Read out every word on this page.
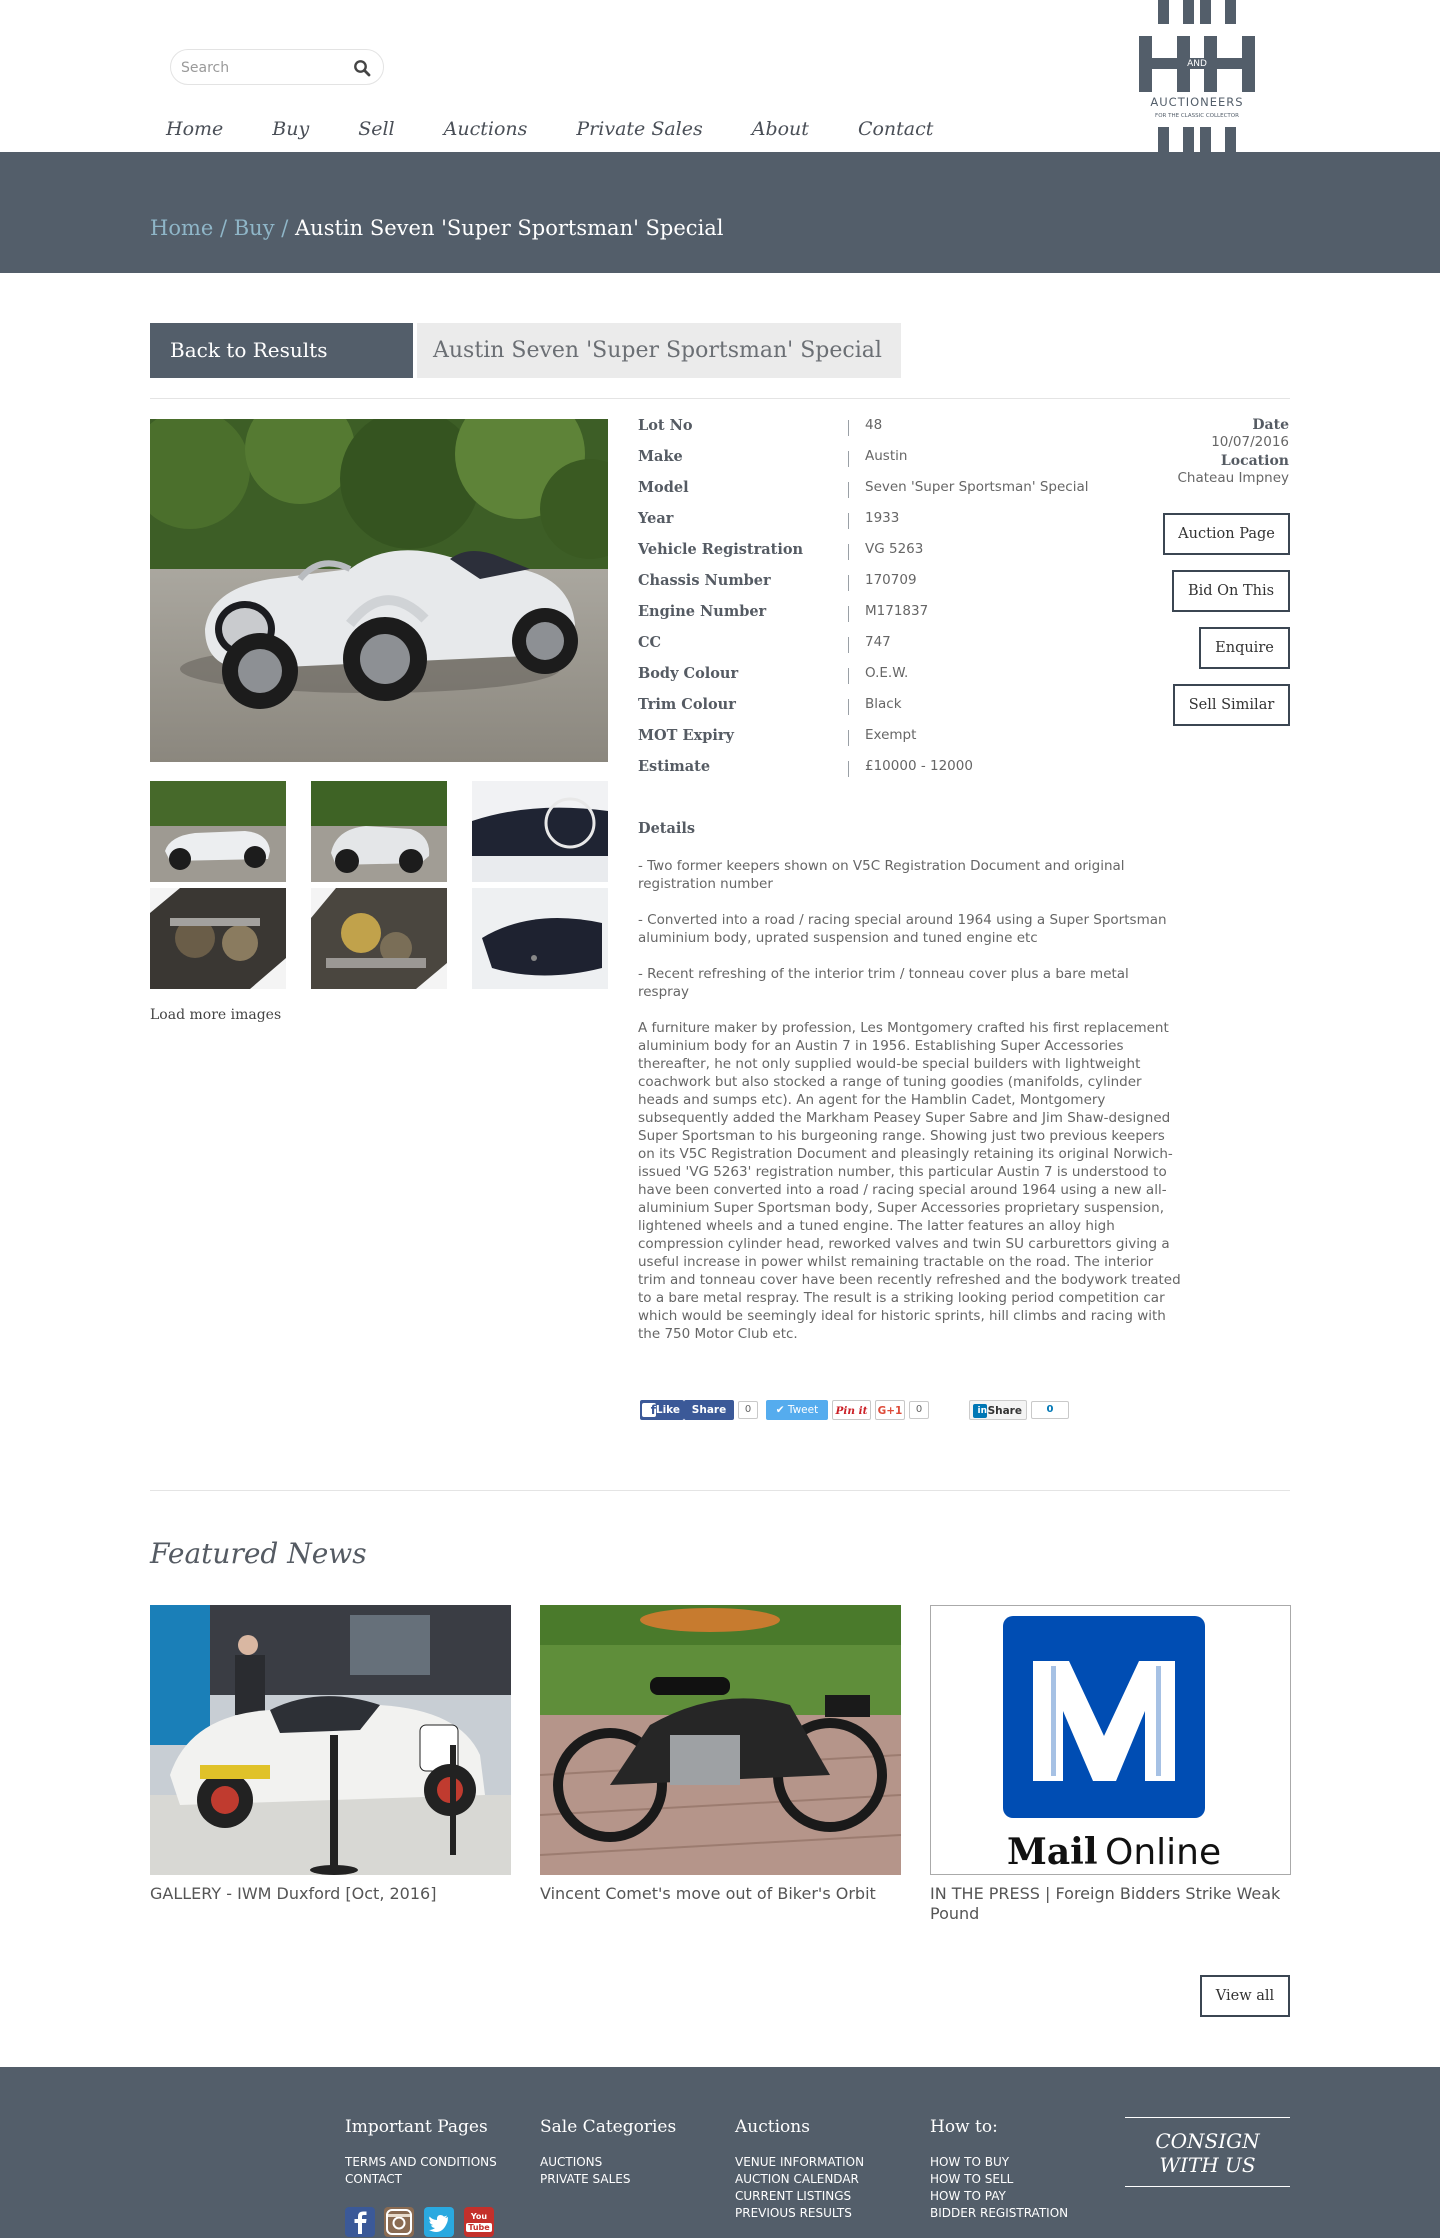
Search
Home	Buy	Sell	Auctions	Private Sales	About	Contact
AND
AUCTIONEERS
FOR THE CLASSIC COLLECTOR
Home / Buy / Austin Seven 'Super Sportsman' Special
Back to Results	Austin Seven 'Super Sportsman' Special
Load more images
Lot No	48
Make	Austin
Model	Seven 'Super Sportsman' Special
Year	1933
Vehicle Registration	VG 5263
Chassis Number	170709
Engine Number	M171837
CC	747
Body Colour	O.E.W.
Trim Colour	Black
MOT Expiry	Exempt
Estimate	£10000 - 12000
Date
10/07/2016
Location
Chateau Impney
Auction Page
Bid On This
Enquire
Sell Similar
Details
- Two former keepers shown on V5C Registration Document and original registration number
- Converted into a road / racing special around 1964 using a Super Sportsman aluminium body, uprated suspension and tuned engine etc
- Recent refreshing of the interior trim / tonneau cover plus a bare metal respray
A furniture maker by profession, Les Montgomery crafted his first replacement aluminium body for an Austin 7 in 1956. Establishing Super Accessories thereafter, he not only supplied would-be special builders with lightweight coachwork but also stocked a range of tuning goodies (manifolds, cylinder heads and sumps etc). An agent for the Hamblin Cadet, Montgomery subsequently added the Markham Peasey Super Sabre and Jim Shaw-designed Super Sportsman to his burgeoning range. Showing just two previous keepers on its V5C Registration Document and pleasingly retaining its original Norwich-issued 'VG 5263' registration number, this particular Austin 7 is understood to have been converted into a road / racing special around 1964 using a new all-aluminium Super Sportsman body, Super Accessories proprietary suspension, lightened wheels and a tuned engine. The latter features an alloy high compression cylinder head, reworked valves and twin SU carburettors giving a useful increase in power whilst remaining tractable on the road. The interior trim and tonneau cover have been recently refreshed and the bodywork treated to a bare metal respray. The result is a striking looking period competition car which would be seemingly ideal for historic sprints, hill climbs and racing with the 750 Motor Club etc.
f Like	Share	0	✔ Tweet	Pin it G+1	0	in Share	0
Featured News
GALLERY - IWM Duxford [Oct, 2016]	Vincent Comet's move out of Biker's Orbit
Mail Online
IN THE PRESS | Foreign Bidders Strike Weak Pound
View all
Important Pages
TERMS AND CONDITIONS
CONTACT
Sale Categories
AUCTIONS
PRIVATE SALES
Auctions
VENUE INFORMATION
AUCTION CALENDAR
CURRENT LISTINGS
PREVIOUS RESULTS
How to:
HOW TO BUY
HOW TO SELL
HOW TO PAY
BIDDER REGISTRATION
CONSIGN
WITH US
You
Tube
